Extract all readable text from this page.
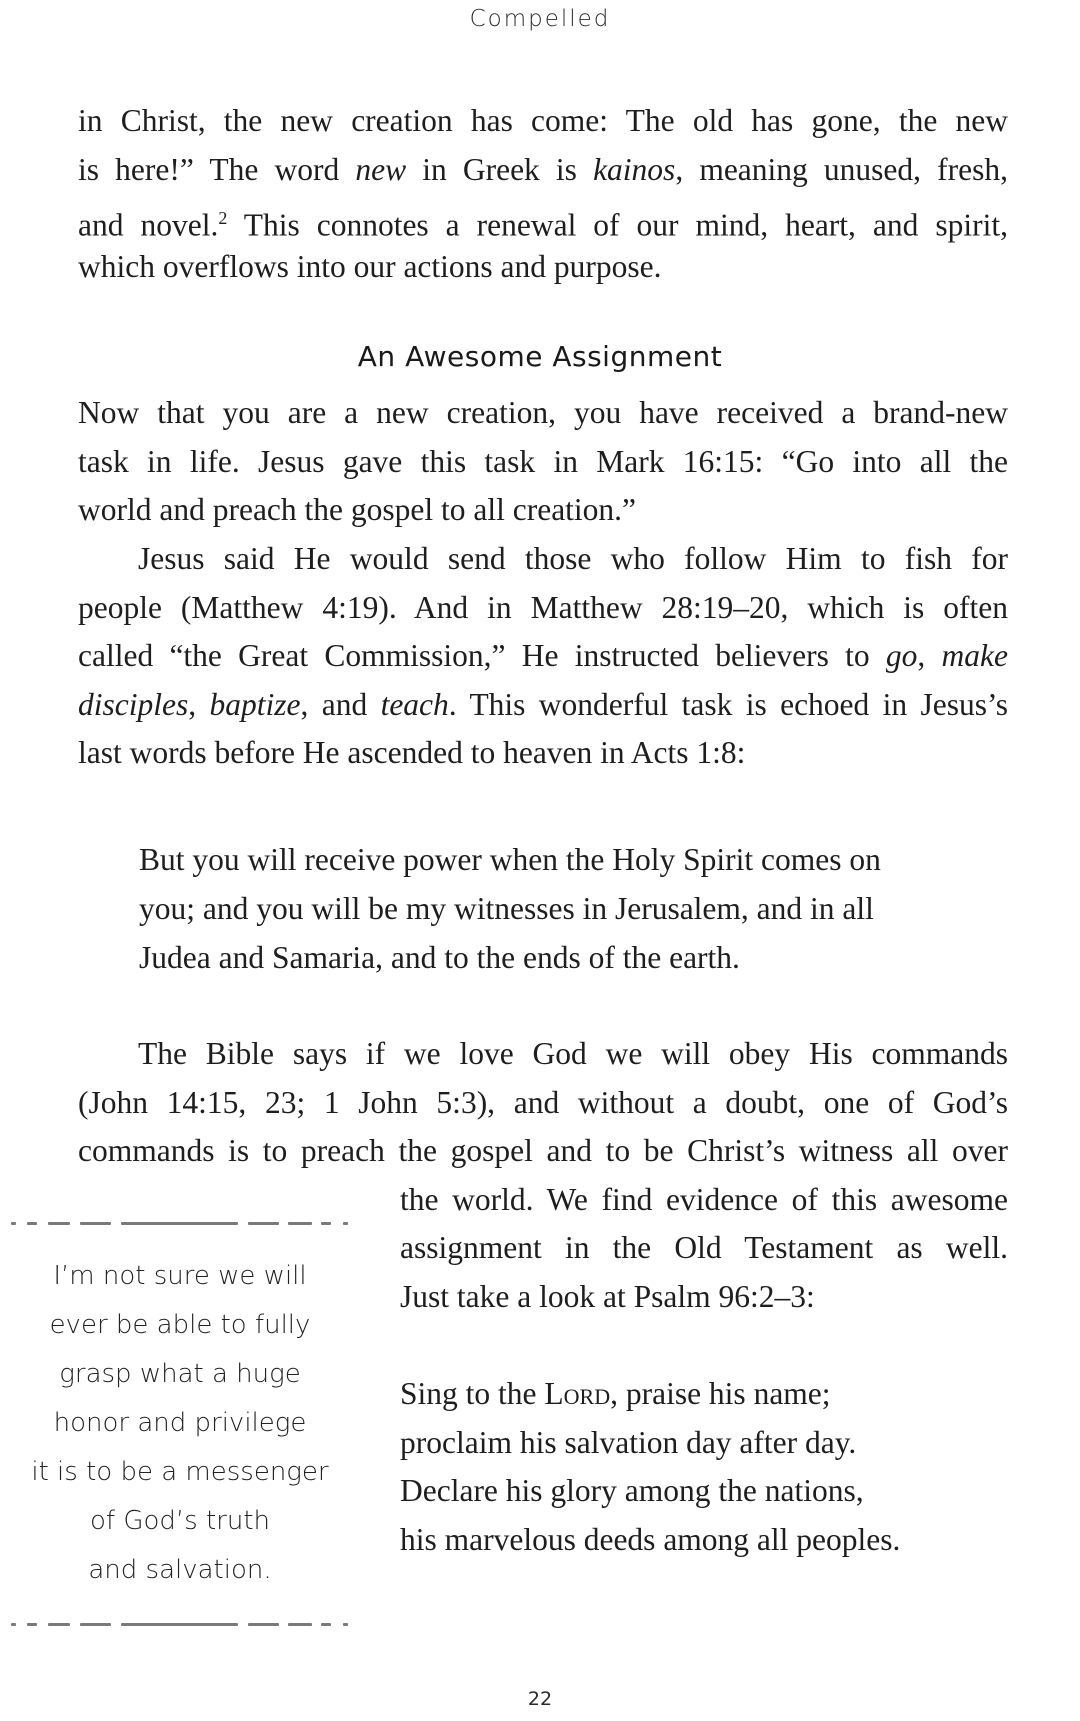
Compelled
in Christ, the new creation has come: The old has gone, the new
is here!” The word new in Greek is kainos, meaning unused, fresh,
and novel.$^2$ This connotes a renewal of our mind, heart, and spirit,
which overflows into our actions and purpose.
An Awesome Assignment
Now that you are a new creation, you have received a brand-new
task in life. Jesus gave this task in Mark 16:15: “Go into all the
world and preach the gospel to all creation.”
Jesus said He would send those who follow Him to fish for
people (Matthew 4:19). And in Matthew 28:19–20, which is often
called “the Great Commission,” He instructed believers to go, make
disciples, baptize, and teach. This wonderful task is echoed in Jesus’s
last words before He ascended to heaven in Acts 1:8:
But you will receive power when the Holy Spirit comes on
you; and you will be my witnesses in Jerusalem, and in all
Judea and Samaria, and to the ends of the earth.
The Bible says if we love God we will obey His commands
(John 14:15, 23; 1 John 5:3), and without a doubt, one of God’s
commands is to preach the gospel and to be Christ’s witness all over
the world. We find evidence of this awesome
assignment in the Old Testament as well.
Just take a look at Psalm 96:2–3:
Sing to the Lord, praise his name;
proclaim his salvation day after day.
Declare his glory among the nations,
his marvelous deeds among all peoples.
I’m not sure we will
ever be able to fully
grasp what a huge
honor and privilege
it is to be a messenger
of God’s truth
and salvation.
22
